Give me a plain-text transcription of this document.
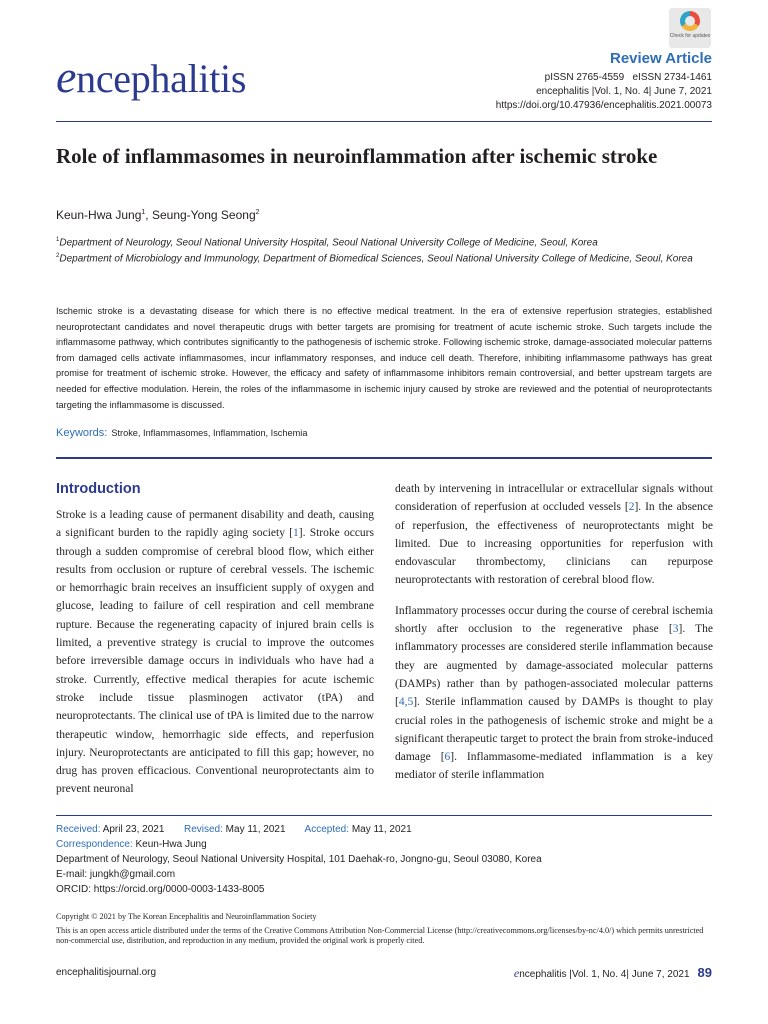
Check for updates
encephalitis	Review Article
pISSN 2765-4559   eISSN 2734-1461
encephalitis |Vol. 1, No. 4| June 7, 2021
https://doi.org/10.47936/encephalitis.2021.00073
Role of inflammasomes in neuroinflammation after ischemic stroke
Keun-Hwa Jung$^1$, Seung-Yong Seong$^2$
$^1$Department of Neurology, Seoul National University Hospital, Seoul National University College of Medicine, Seoul, Korea
$^2$Department of Microbiology and Immunology, Department of Biomedical Sciences, Seoul National University College of Medicine, Seoul, Korea
Ischemic stroke is a devastating disease for which there is no effective medical treatment. In the era of extensive reperfusion strategies, established neuroprotectant candidates and novel therapeutic drugs with better targets are promising for treatment of acute ischemic stroke. Such targets include the inflammasome pathway, which contributes significantly to the pathogenesis of ischemic stroke. Following ischemic stroke, damage-associated molecular patterns from damaged cells activate inflammasomes, incur inflammatory responses, and induce cell death. Therefore, inhibiting inflammasome pathways has great promise for treatment of ischemic stroke. However, the efficacy and safety of inflammasome inhibitors remain controversial, and better upstream targets are needed for effective modulation. Herein, the roles of the inflammasome in ischemic injury caused by stroke are reviewed and the potential of neuroprotectants targeting the inflammasome is discussed.
Keywords: Stroke, Inflammasomes, Inflammation, Ischemia
Introduction

Stroke is a leading cause of permanent disability and death, causing a significant burden to the rapidly aging society [1]. Stroke occurs through a sudden compromise of cerebral blood flow, which either results from occlusion or rupture of cerebral vessels. The ischemic or hemorrhagic brain receives an insufficient supply of oxygen and glucose, leading to failure of cell respiration and cell membrane rupture. Because the regenerating capacity of injured brain cells is limited, a preventive strategy is crucial to improve the outcomes before irreversible damage occurs in individuals who have had a stroke. Currently, effective medical therapies for acute ischemic stroke include tissue plasminogen activator (tPA) and neuroprotectants. The clinical use of tPA is limited due to the narrow therapeutic window, hemorrhagic side effects, and reperfusion injury. Neuroprotectants are anticipated to fill this gap; however, no drug has proven efficacious. Conventional neuroprotectants aim to prevent neuronal

death by intervening in intracellular or extracellular signals without consideration of reperfusion at occluded vessels [2]. In the absence of reperfusion, the effectiveness of neuroprotectants might be limited. Due to increasing opportunities for reperfusion with endovascular thrombectomy, clinicians can repurpose neuroprotectants with restoration of cerebral blood flow.

Inflammatory processes occur during the course of cerebral ischemia shortly after occlusion to the regenerative phase [3]. The inflammatory processes are considered sterile inflammation because they are augmented by damage-associated molecular patterns (DAMPs) rather than by pathogen-associated molecular patterns [4,5]. Sterile inflammation caused by DAMPs is thought to play crucial roles in the pathogenesis of ischemic stroke and might be a significant therapeutic target to protect the brain from stroke-induced damage [6]. Inflammasome-mediated inflammation is a key mediator of sterile inflammation

Received: April 23, 2021 Revised: May 11, 2021 Accepted: May 11, 2021
Correspondence: Keun-Hwa Jung
Department of Neurology, Seoul National University Hospital, 101 Daehak-ro, Jongno-gu, Seoul 03080, Korea
E-mail: jungkh@gmail.com
ORCID: https://orcid.org/0000-0003-1433-8005
Copyright © 2021 by The Korean Encephalitis and Neuroinflammation Society
This is an open access article distributed under the terms of the Creative Commons Attribution Non-Commercial License (http://creativecommons.org/licenses/by-nc/4.0/) which permits unrestricted non-commercial use, distribution, and reproduction in any medium, provided the original work is properly cited.
encephalitisjournal.org	encephalitis |Vol. 1, No. 4| June 7, 2021 89
